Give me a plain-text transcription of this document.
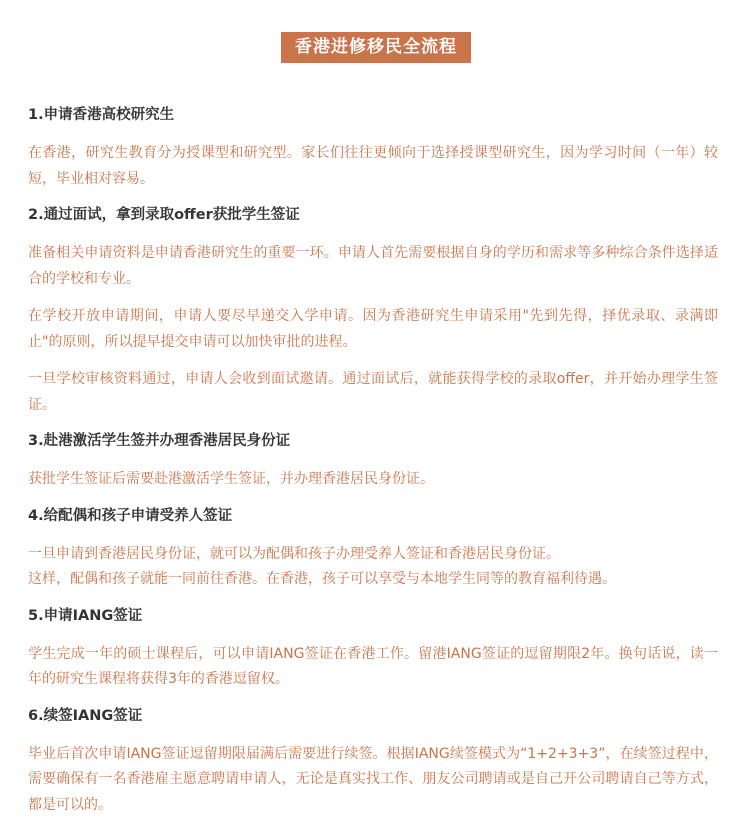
香港进修移民全流程
1.申请香港高校研究生

在香港，研究生教育分为授课型和研究型。家长们往往更倾向于选择授课型研究生，因为学习时间（一年）较短，毕业相对容易。

2.通过面试，拿到录取offer获批学生签证

准备相关申请资料是申请香港研究生的重要一环。申请人首先需要根据自身的学历和需求等多种综合条件选择适合的学校和专业。

在学校开放申请期间，申请人要尽早递交入学申请。因为香港研究生申请采用"先到先得，择优录取、录满即止"的原则，所以提早提交申请可以加快审批的进程。

一旦学校审核资料通过，申请人会收到面试邀请。通过面试后，就能获得学校的录取offer，并开始办理学生签证。

3.赴港激活学生签并办理香港居民身份证

获批学生签证后需要赴港激活学生签证，并办理香港居民身份证。

4.给配偶和孩子申请受养人签证

一旦申请到香港居民身份证，就可以为配偶和孩子办理受养人签证和香港居民身份证。

这样，配偶和孩子就能一同前往香港。在香港，孩子可以享受与本地学生同等的教育福利待遇。

5.申请IANG签证

学生完成一年的硕士课程后，可以申请IANG签证在香港工作。留港IANG签证的逗留期限2年。换句话说，读一年的研究生课程将获得3年的香港逗留权。

6.续签IANG签证

毕业后首次申请IANG签证逗留期限届满后需要进行续签。根据IANG续签模式为“1+2+3+3”，在续签过程中，需要确保有一名香港雇主愿意聘请申请人，无论是真实找工作、朋友公司聘请或是自己开公司聘请自己等方式，都是可以的。
